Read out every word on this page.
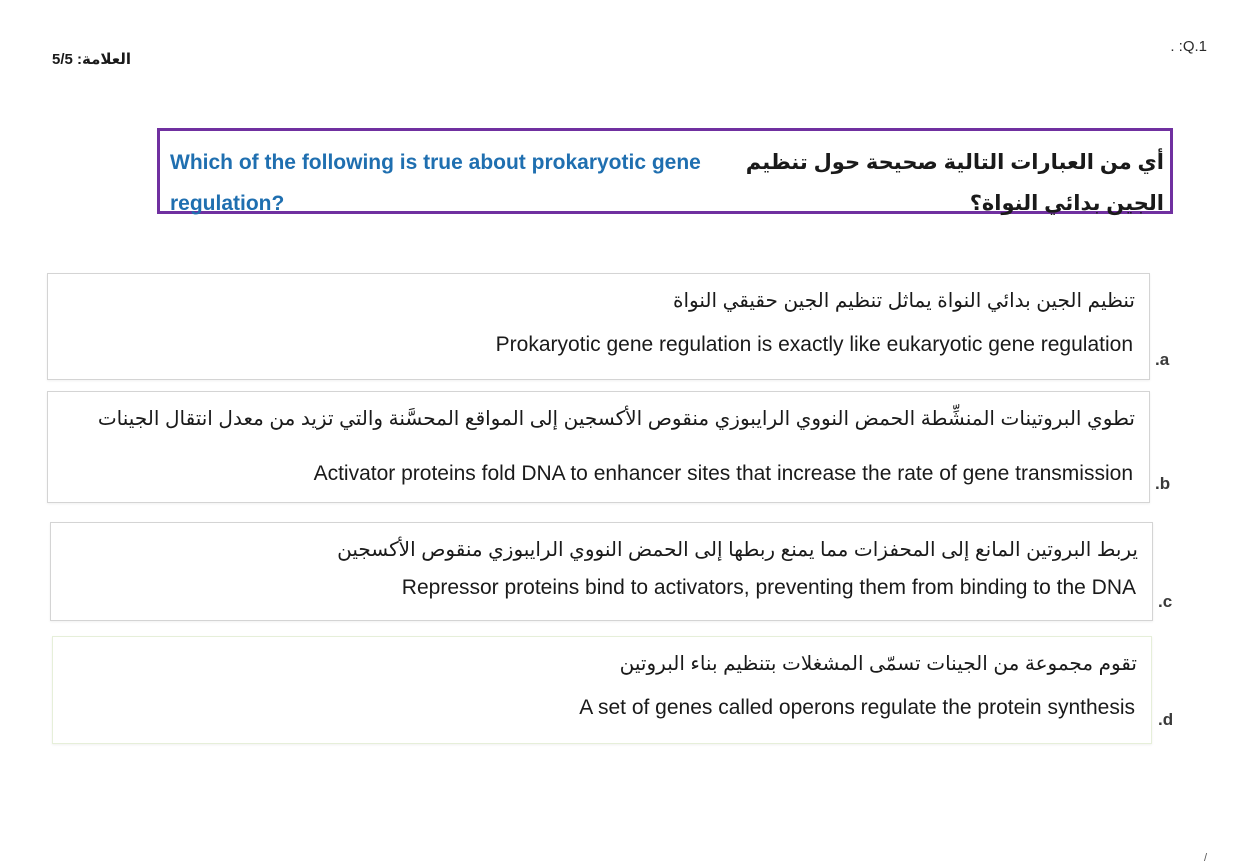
. :Q.1
العلامة: 5/5
Which of the following is true about prokaryotic gene regulation?
أي من العبارات التالية صحيحة حول تنظيم الجين بدائي النواة؟
تنظيم الجين بدائي النواة يماثل تنظيم الجين حقيقي النواة
Prokaryotic gene regulation is exactly like eukaryotic gene regulation
.a
تطوي البروتينات المنشِّطة الحمض النووي الرايبوزي منقوص الأكسجين إلى المواقع المحسَّنة والتي تزيد من معدل انتقال الجينات
Activator proteins fold DNA to enhancer sites that increase the rate of gene transmission .b
يربط البروتين المانع إلى المحفزات مما يمنع ربطها إلى الحمض النووي الرايبوزي منقوص الأكسجين
Repressor proteins bind to activators, preventing them from binding to the DNA
.c
تقوم مجموعة من الجينات تسمّى المشغلات بتنظيم بناء البروتين
A set of genes called operons regulate the protein synthesis
.d
/
